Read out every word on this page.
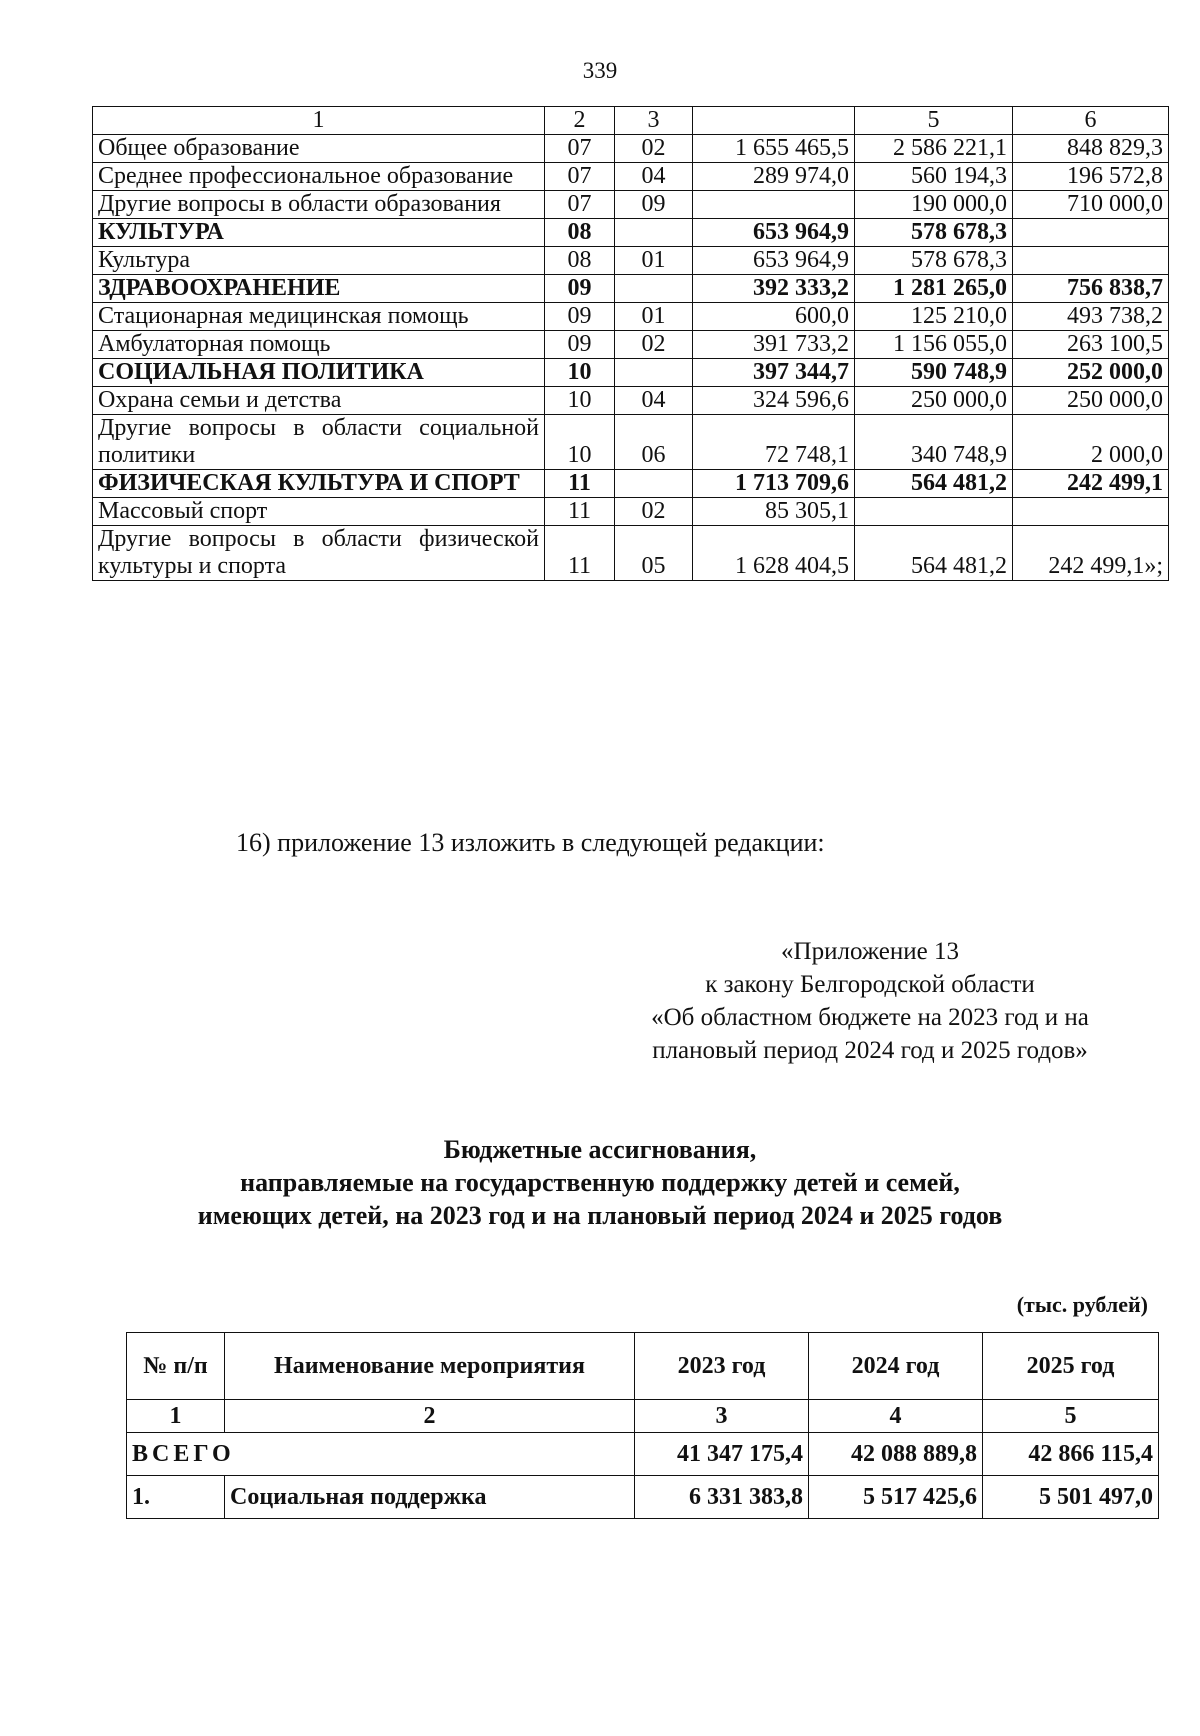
339
1	2	3		5	6
Общее образование	07	02	1 655 465,5	2 586 221,1	848 829,3
Среднее профессиональное образование	07	04	289 974,0	560 194,3	196 572,8
Другие вопросы в области образования	07	09		190 000,0	710 000,0
КУЛЬТУРА	08		653 964,9	578 678,3	
Культура	08	01	653 964,9	578 678,3	
ЗДРАВООХРАНЕНИЕ	09		392 333,2	1 281 265,0	756 838,7
Стационарная медицинская помощь	09	01	600,0	125 210,0	493 738,2
Амбулаторная помощь	09	02	391 733,2	1 156 055,0	263 100,5
СОЦИАЛЬНАЯ ПОЛИТИКА	10		397 344,7	590 748,9	252 000,0
Охрана семьи и детства	10	04	324 596,6	250 000,0	250 000,0
Другие вопросы в области социальной политики	10	06	72 748,1	340 748,9	2 000,0
ФИЗИЧЕСКАЯ КУЛЬТУРА И СПОРТ	11		1 713 709,6	564 481,2	242 499,1
Массовый спорт	11	02	85 305,1		
Другие вопросы в области физической культуры и спорта	11	05	1 628 404,5	564 481,2	242 499,1»;
16) приложение 13 изложить в следующей редакции:
«Приложение 13
к закону Белгородской области
«Об областном бюджете на 2023 год и на
плановый период 2024 год и 2025 годов»
Бюджетные ассигнования,
направляемые на государственную поддержку детей и семей,
имеющих детей, на 2023 год и на плановый период 2024 и 2025 годов
(тыс. рублей)
№ п/п	Наименование мероприятия	2023 год	2024 год	2025 год
1	2	3	4	5
ВСЕГО		41 347 175,4	42 088 889,8	42 866 115,4
1.	Социальная поддержка	6 331 383,8	5 517 425,6	5 501 497,0
